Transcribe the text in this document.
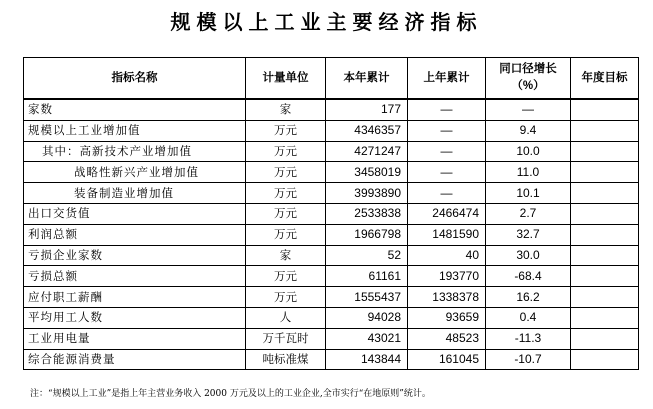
规模以上工业主要经济指标
指标名称	计量单位	本年累计	上年累计	同口径增长（%）	年度目标
家数	家	177	—	—	
规模以上工业增加值	万元	4346357	—	9.4	
其中：高新技术产业增加值	万元	4271247	—	10.0	
战略性新兴产业增加值	万元	3458019	—	11.0	
装备制造业增加值	万元	3993890	—	10.1	
出口交货值	万元	2533838	2466474	2.7	
利润总额	万元	1966798	1481590	32.7	
亏损企业家数	家	52	40	30.0	
亏损总额	万元	61161	193770	-68.4	
应付职工薪酬	万元	1555437	1338378	16.2	
平均用工人数	人	94028	93659	0.4	
工业用电量	万千瓦时	43021	48523	-11.3	
综合能源消费量	吨标准煤	143844	161045	-10.7	
注：“规模以上工业”是指上年主营业务收入 2000 万元及以上的工业企业,全市实行“在地原则”统计。
